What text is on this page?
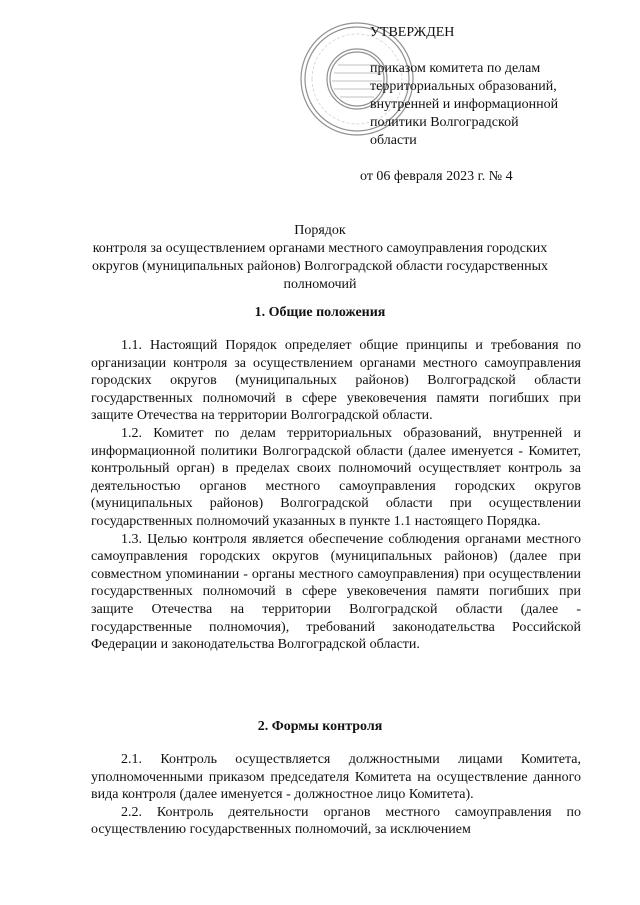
УТВЕРЖДЕН
приказом комитета по делам
территориальных образований,
внутренней и информационной
политики Волгоградской
области
от 06 февраля 2023 г. № 4
Порядок
контроля за осуществлением органами местного самоуправления городских
округов (муниципальных районов) Волгоградской области государственных
полномочий
1. Общие положения

1.1. Настоящий Порядок определяет общие принципы и требования по организации контроля за осуществлением органами местного самоуправления городских округов (муниципальных районов) Волгоградской области государственных полномочий в сфере увековечения памяти погибших при защите Отечества на территории Волгоградской области.

1.2. Комитет по делам территориальных образований, внутренней и информационной политики Волгоградской области (далее именуется - Комитет, контрольный орган) в пределах своих полномочий осуществляет контроль за деятельностью органов местного самоуправления городских округов (муниципальных районов) Волгоградской области при осуществлении государственных полномочий указанных в пункте 1.1 настоящего Порядка.

1.3. Целью контроля является обеспечение соблюдения органами местного самоуправления городских округов (муниципальных районов) (далее при совместном упоминании - органы местного самоуправления) при осуществлении государственных полномочий в сфере увековечения памяти погибших при защите Отечества на территории Волгоградской области (далее - государственные полномочия), требований законодательства Российской Федерации и законодательства Волгоградской области.

2. Формы контроля

2.1. Контроль осуществляется должностными лицами Комитета, уполномоченными приказом председателя Комитета на осуществление данного вида контроля (далее именуется - должностное лицо Комитета).

2.2. Контроль деятельности органов местного самоуправления по осуществлению государственных полномочий, за исключением
